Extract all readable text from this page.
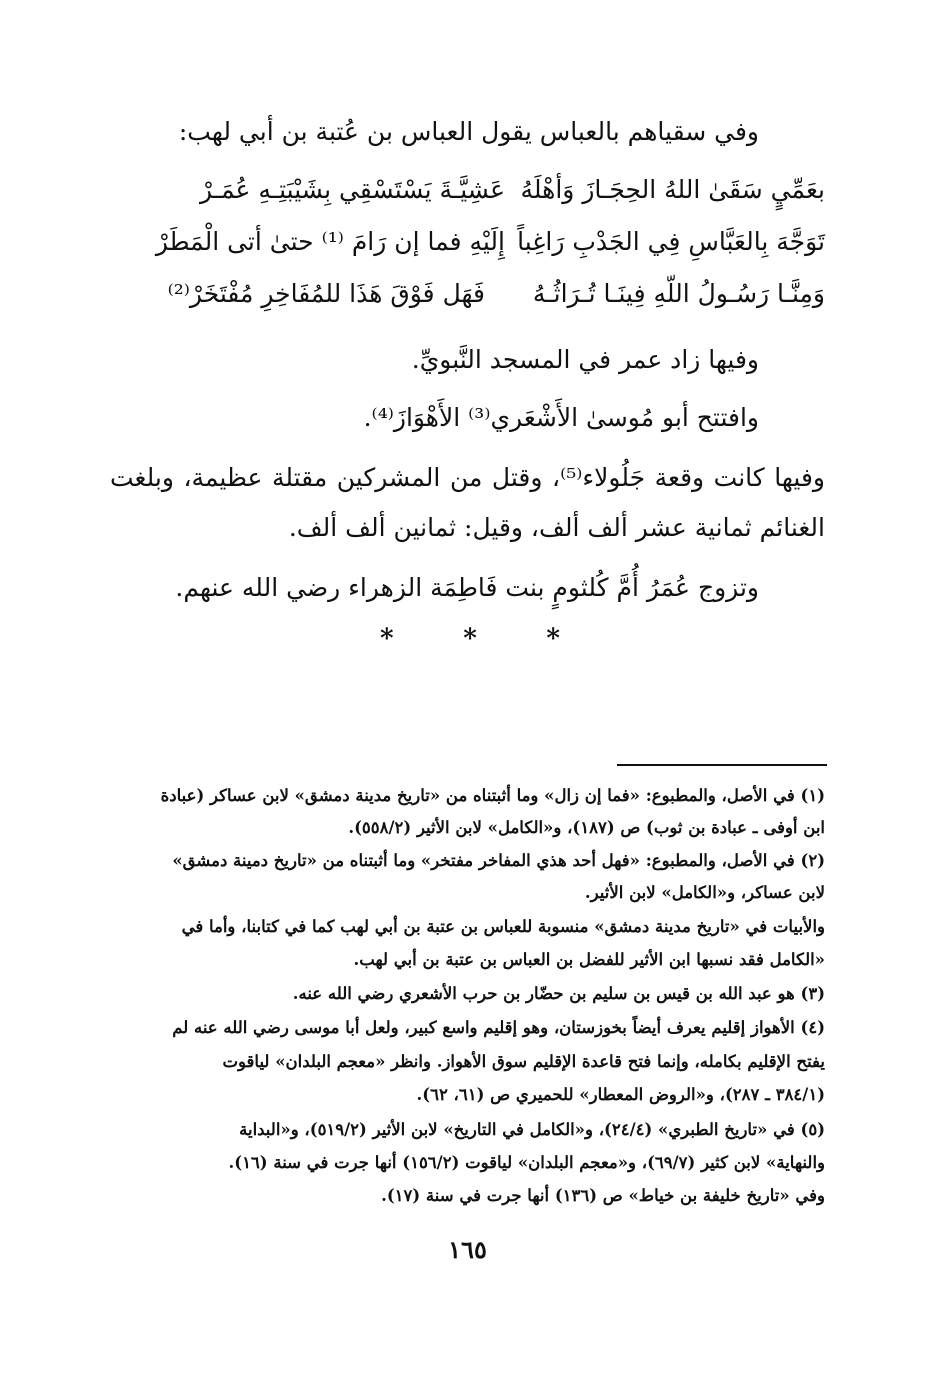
وفي سقياهم بالعباس يقول العباس بن عُتبة بن أبي لهب:
بعَمِّيٍ سَقَىٰ اللهُ الحِجَـازَ وَأهْلَهُ
عَشِيَّـةَ يَسْتَسْقِي بِشَيْبَتِـهِ عُمَـرْ
تَوَجَّهَ بِالعَبَّاسِ فِي الجَدْبِ رَاغِباً
إِلَيْهِ فما إن رَامَ ⁽¹⁾ حتىٰ أتى الْمَطَرْ
وَمِنَّـا رَسُـولُ اللّهِ فِينَـا تُـرَاثُـهُ
فَهَل فَوْقَ هَذَا للمُفَاخِرِ مُفْتَخَرْ⁽²⁾
وفيها زاد عمر في المسجد النَّبويِّ.
وافتتح أبو مُوسىٰ الأَشْعَري⁽³⁾ الأَهْوَازَ⁽⁴⁾.
وفيها كانت وقعة جَلُولاء⁽⁵⁾، وقتل من المشركين مقتلة عظيمة، وبلغت
الغنائم ثمانية عشر ألف ألف، وقيل: ثمانين ألف ألف.
وتزوج عُمَرُ أُمَّ كُلثومٍ بنت فَاطِمَة الزهراء رضي الله عنهم.
*	*	*
(١) في الأصل، والمطبوع: «فما إن زال» وما أثبتناه من «تاريخ مدينة دمشق» لابن عساكر (عبادة
ابن أوفى ـ عبادة بن ثوب) ص (١٨٧)، و«الكامل» لابن الأثير (٥٥٨/٢).
(٢) في الأصل، والمطبوع: «فهل أحد هذي المفاخر مفتخر» وما أثبتناه من «تاريخ دمينة دمشق»
لابن عساكر، و«الكامل» لابن الأثير.
والأبيات في «تاريخ مدينة دمشق» منسوبة للعباس بن عتبة بن أبي لهب كما في كتابنا، وأما في
«الكامل فقد نسبها ابن الأثير للفضل بن العباس بن عتبة بن أبي لهب.
(٣) هو عبد الله بن قيس بن سليم بن حضّار بن حرب الأشعري رضي الله عنه.
(٤) الأهواز إقليم يعرف أيضاً بخوزستان، وهو إقليم واسع كبير، ولعل أبا موسى رضي الله عنه لم
يفتح الإقليم بكامله، وإنما فتح قاعدة الإقليم سوق الأهواز. وانظر «معجم البلدان» لياقوت
(٣٨٤/١ ـ ٢٨٧)، و«الروض المعطار» للحميري ص (٦١، ٦٢).
(٥) في «تاريخ الطبري» (٢٤/٤)، و«الكامل في التاريخ» لابن الأثير (٥١٩/٢)، و«البداية
والنهاية» لابن كثير (٦٩/٧)، و«معجم البلدان» لياقوت (١٥٦/٢) أنها جرت في سنة (١٦).
وفي «تاريخ خليفة بن خياط» ص (١٣٦) أنها جرت في سنة (١٧).
١٦٥
